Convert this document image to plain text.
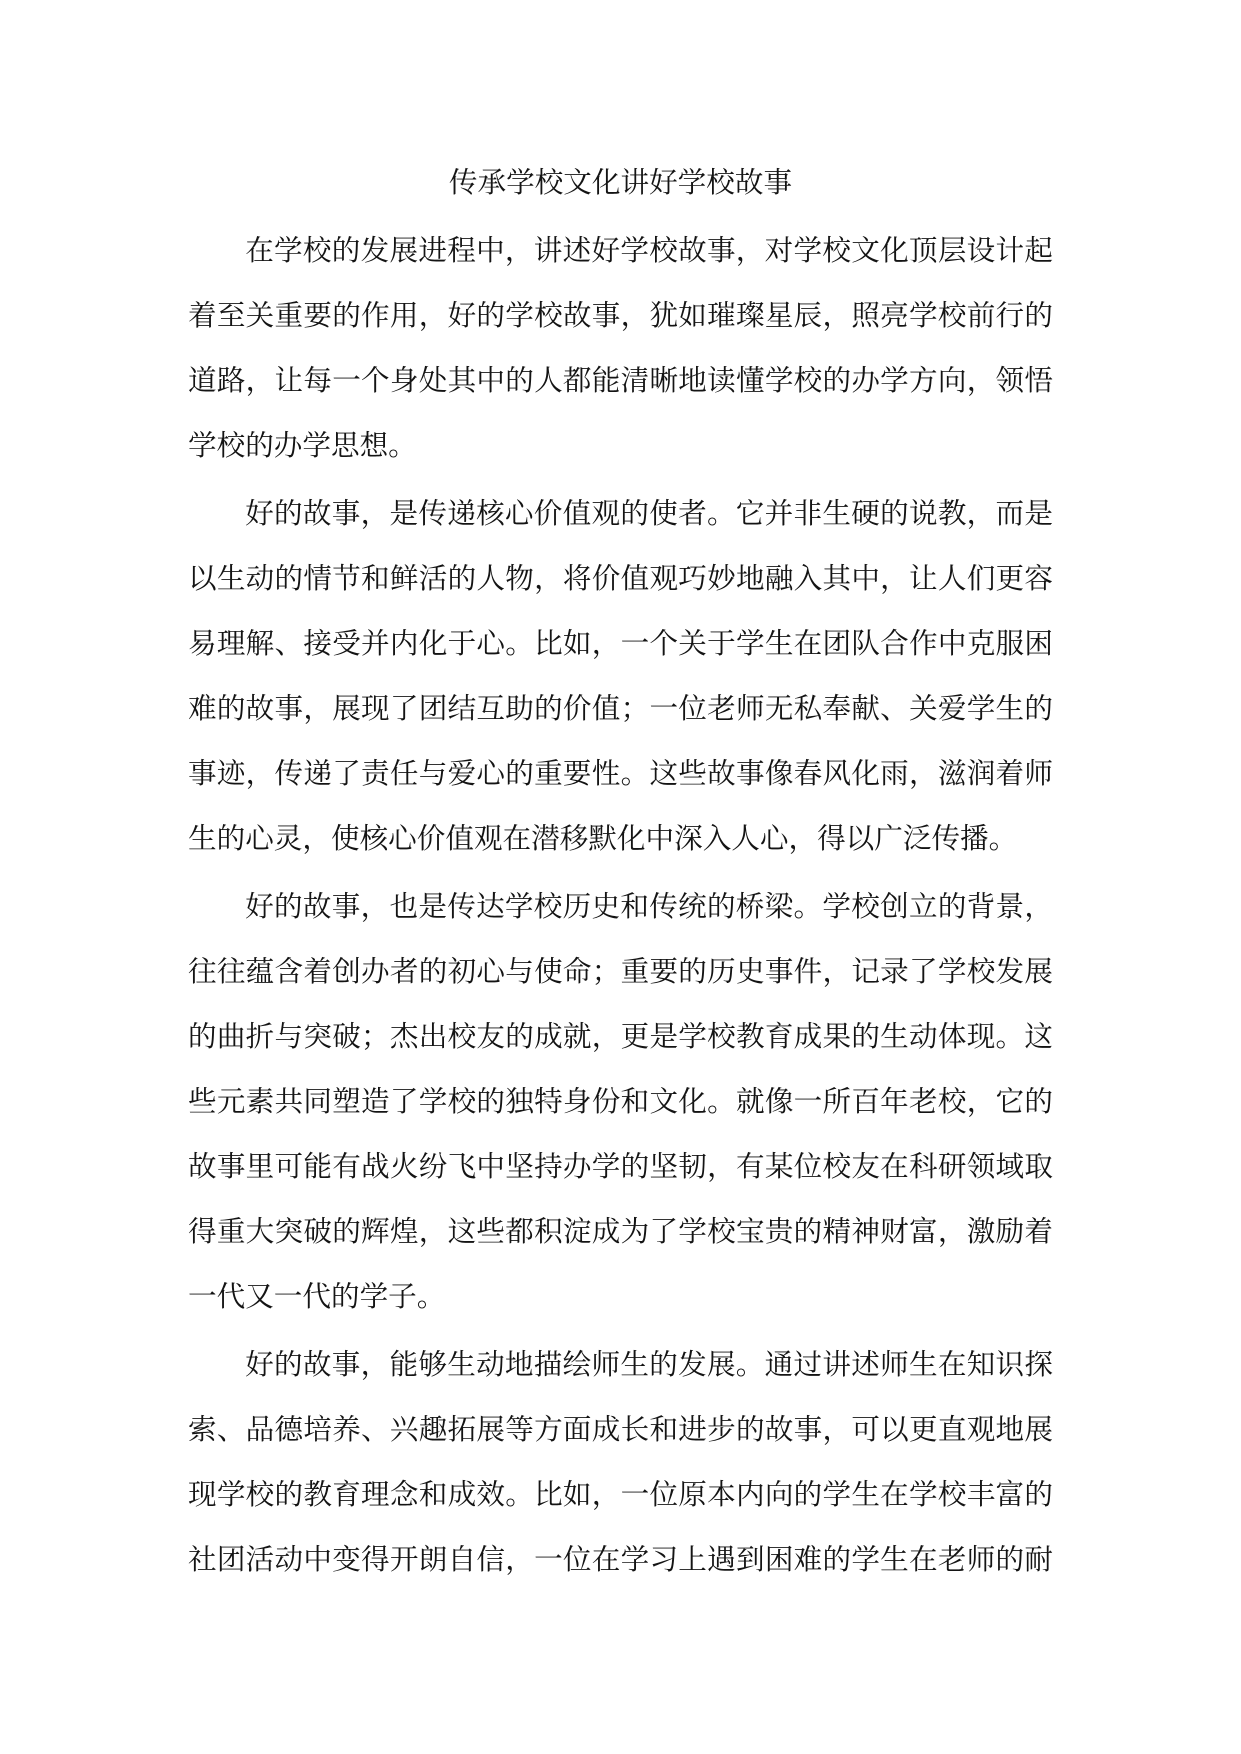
传承学校文化讲好学校故事
在学校的发展进程中，讲述好学校故事，对学校文化顶层设计起
着至关重要的作用，好的学校故事，犹如璀璨星辰，照亮学校前行的
道路，让每一个身处其中的人都能清晰地读懂学校的办学方向，领悟
学校的办学思想。
好的故事，是传递核心价值观的使者。它并非生硬的说教，而是
以生动的情节和鲜活的人物，将价值观巧妙地融入其中，让人们更容
易理解、接受并内化于心。比如，一个关于学生在团队合作中克服困
难的故事，展现了团结互助的价值；一位老师无私奉献、关爱学生的
事迹，传递了责任与爱心的重要性。这些故事像春风化雨，滋润着师
生的心灵，使核心价值观在潜移默化中深入人心，得以广泛传播。
好的故事，也是传达学校历史和传统的桥梁。学校创立的背景，
往往蕴含着创办者的初心与使命；重要的历史事件，记录了学校发展
的曲折与突破；杰出校友的成就，更是学校教育成果的生动体现。这
些元素共同塑造了学校的独特身份和文化。就像一所百年老校，它的
故事里可能有战火纷飞中坚持办学的坚韧，有某位校友在科研领域取
得重大突破的辉煌，这些都积淀成为了学校宝贵的精神财富，激励着
一代又一代的学子。
好的故事，能够生动地描绘师生的发展。通过讲述师生在知识探
索、品德培养、兴趣拓展等方面成长和进步的故事，可以更直观地展
现学校的教育理念和成效。比如，一位原本内向的学生在学校丰富的
社团活动中变得开朗自信，一位在学习上遇到困难的学生在老师的耐
